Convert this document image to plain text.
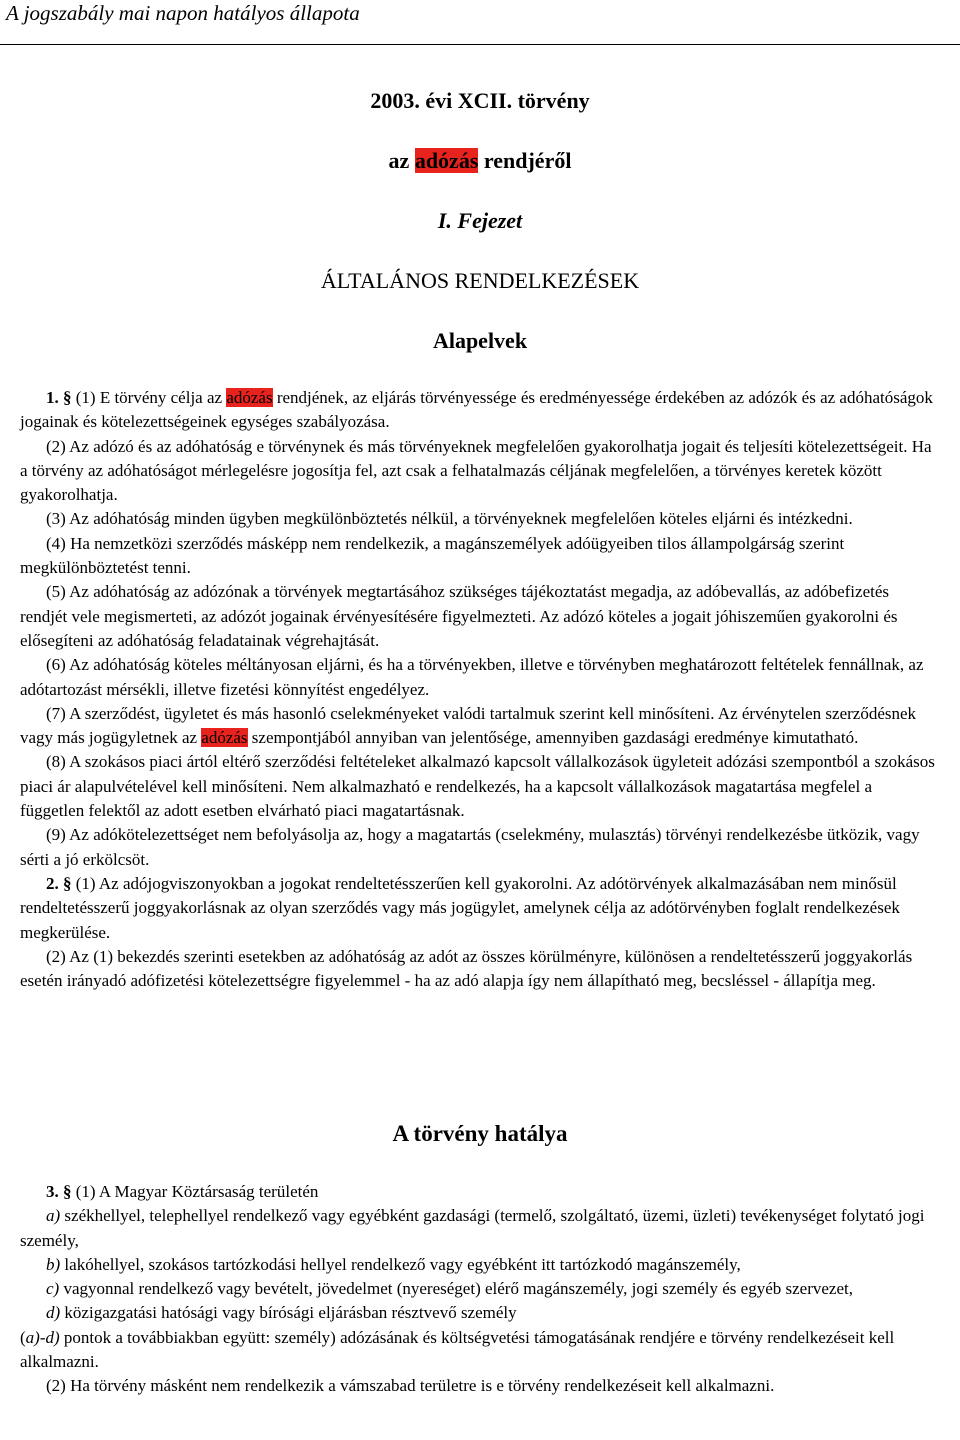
A jogszabály mai napon hatályos állapota
2003. évi XCII. törvény
az adózás rendjéről
I. Fejezet
ÁLTALÁNOS RENDELKEZÉSEK
Alapelvek

1. § (1) E törvény célja az adózás rendjének, az eljárás törvényessége és eredményessége érdekében az adózók és az adóhatóságok jogainak és kötelezettségeinek egységes szabályozása.

(2) Az adózó és az adóhatóság e törvénynek és más törvényeknek megfelelően gyakorolhatja jogait és teljesíti kötelezettségeit. Ha a törvény az adóhatóságot mérlegelésre jogosítja fel, azt csak a felhatalmazás céljának megfelelően, a törvényes keretek között gyakorolhatja.

(3) Az adóhatóság minden ügyben megkülönböztetés nélkül, a törvényeknek megfelelően köteles eljárni és intézkedni.

(4) Ha nemzetközi szerződés másképp nem rendelkezik, a magánszemélyek adóügyeiben tilos állampolgárság szerint megkülönböztetést tenni.

(5) Az adóhatóság az adózónak a törvények megtartásához szükséges tájékoztatást megadja, az adóbevallás, az adóbefizetés rendjét vele megismerteti, az adózót jogainak érvényesítésére figyelmezteti. Az adózó köteles a jogait jóhiszeműen gyakorolni és elősegíteni az adóhatóság feladatainak végrehajtását.

(6) Az adóhatóság köteles méltányosan eljárni, és ha a törvényekben, illetve e törvényben meghatározott feltételek fennállnak, az adótartozást mérsékli, illetve fizetési könnyítést engedélyez.

(7) A szerződést, ügyletet és más hasonló cselekményeket valódi tartalmuk szerint kell minősíteni. Az érvénytelen szerződésnek vagy más jogügyletnek az adózás szempontjából annyiban van jelentősége, amennyiben gazdasági eredménye kimutatható.

(8) A szokásos piaci ártól eltérő szerződési feltételeket alkalmazó kapcsolt vállalkozások ügyleteit adózási szempontból a szokásos piaci ár alapulvételével kell minősíteni. Nem alkalmazható e rendelkezés, ha a kapcsolt vállalkozások magatartása megfelel a független felektől az adott esetben elvárható piaci magatartásnak.

(9) Az adókötelezettséget nem befolyásolja az, hogy a magatartás (cselekmény, mulasztás) törvényi rendelkezésbe ütközik, vagy sérti a jó erkölcsöt.

2. § (1) Az adójogviszonyokban a jogokat rendeltetésszerűen kell gyakorolni. Az adótörvények alkalmazásában nem minősül rendeltetésszerű joggyakorlásnak az olyan szerződés vagy más jogügylet, amelynek célja az adótörvényben foglalt rendelkezések megkerülése.

(2) Az (1) bekezdés szerinti esetekben az adóhatóság az adót az összes körülményre, különösen a rendeltetésszerű joggyakorlás esetén irányadó adófizetési kötelezettségre figyelemmel - ha az adó alapja így nem állapítható meg, becsléssel - állapítja meg.

A törvény hatálya

3. § (1) A Magyar Köztársaság területén

a) székhellyel, telephellyel rendelkező vagy egyébként gazdasági (termelő, szolgáltató, üzemi, üzleti) tevékenységet folytató jogi személy,

b) lakóhellyel, szokásos tartózkodási hellyel rendelkező vagy egyébként itt tartózkodó magánszemély,

c) vagyonnal rendelkező vagy bevételt, jövedelmet (nyereséget) elérő magánszemély, jogi személy és egyéb szervezet,

d) közigazgatási hatósági vagy bírósági eljárásban résztvevő személy

(a)-d) pontok a továbbiakban együtt: személy) adózásának és költségvetési támogatásának rendjére e törvény rendelkezéseit kell alkalmazni.

(2) Ha törvény másként nem rendelkezik a vámszabad területre is e törvény rendelkezéseit kell alkalmazni.
